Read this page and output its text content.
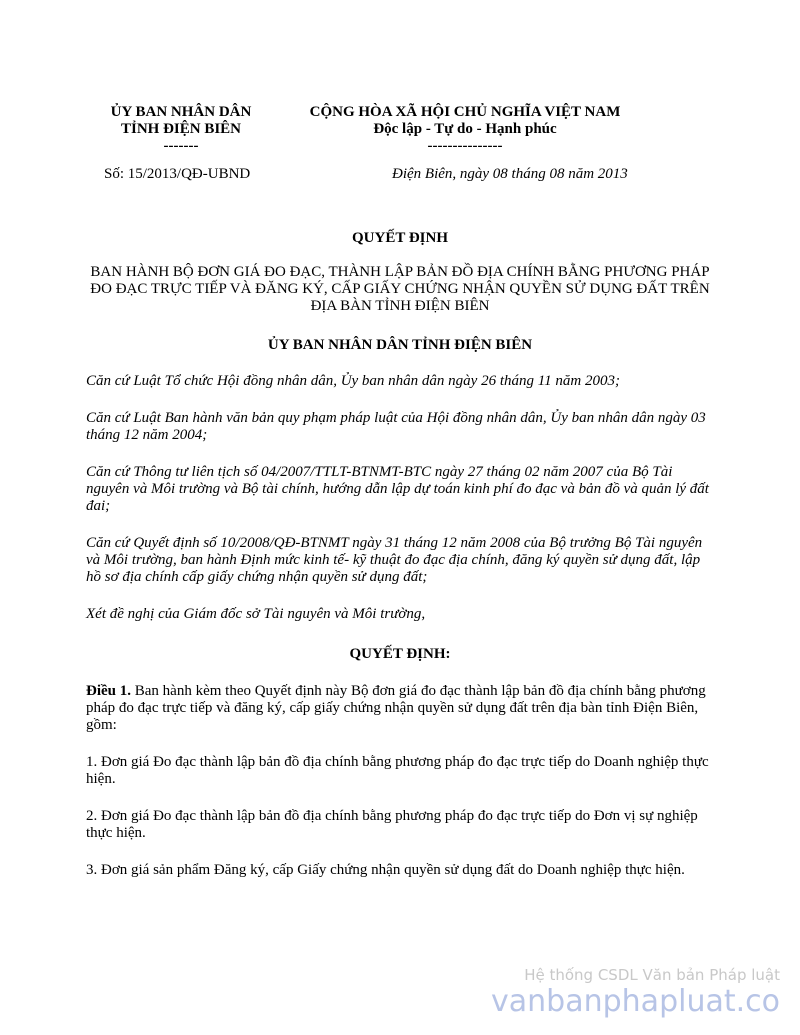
ỦY BAN NHÂN DÂN
TỈNH ĐIỆN BIÊN
-------
CỘNG HÒA XÃ HỘI CHỦ NGHĨA VIỆT NAM
Độc lập - Tự do - Hạnh phúc
---------------
Số: 15/2013/QĐ-UBND	Điện Biên, ngày 08 tháng 08 năm 2013
QUYẾT ĐỊNH
BAN HÀNH BỘ ĐƠN GIÁ ĐO ĐẠC, THÀNH LẬP BẢN ĐỒ ĐỊA CHÍNH BẰNG PHƯƠNG PHÁP ĐO ĐẠC TRỰC TIẾP VÀ ĐĂNG KÝ, CẤP GIẤY CHỨNG NHẬN QUYỀN SỬ DỤNG ĐẤT TRÊN ĐỊA BÀN TỈNH ĐIỆN BIÊN
ỦY BAN NHÂN DÂN TỈNH ĐIỆN BIÊN
Căn cứ Luật Tổ chức Hội đồng nhân dân, Ủy ban nhân dân ngày 26 tháng 11 năm 2003;
Căn cứ Luật Ban hành văn bản quy phạm pháp luật của Hội đồng nhân dân, Ủy ban nhân dân ngày 03 tháng 12 năm 2004;
Căn cứ Thông tư liên tịch số 04/2007/TTLT-BTNMT-BTC ngày 27 tháng 02 năm 2007 của Bộ Tài nguyên và Môi trường và Bộ tài chính, hướng dẫn lập dự toán kinh phí đo đạc và bản đồ và quản lý đất đai;
Căn cứ Quyết định số 10/2008/QĐ-BTNMT ngày 31 tháng 12 năm 2008 của Bộ trưởng Bộ Tài nguyên và Môi trường, ban hành Định mức kinh tế- kỹ thuật đo đạc địa chính, đăng ký quyền sử dụng đất, lập hồ sơ địa chính cấp giấy chứng nhận quyền sử dụng đất;
Xét đề nghị của Giám đốc sở Tài nguyên và Môi trường,
QUYẾT ĐỊNH:
Điều 1. Ban hành kèm theo Quyết định này Bộ đơn giá đo đạc thành lập bản đồ địa chính bằng phương pháp đo đạc trực tiếp và đăng ký, cấp giấy chứng nhận quyền sử dụng đất trên địa bàn tỉnh Điện Biên, gồm:
1. Đơn giá Đo đạc thành lập bản đồ địa chính bằng phương pháp đo đạc trực tiếp do Doanh nghiệp thực hiện.
2. Đơn giá Đo đạc thành lập bản đồ địa chính bằng phương pháp đo đạc trực tiếp do Đơn vị sự nghiệp thực hiện.
3. Đơn giá sản phẩm Đăng ký, cấp Giấy chứng nhận quyền sử dụng đất do Doanh nghiệp thực hiện.
Hệ thống CSDL Văn bản Pháp luật
vanbanphapluat.co
